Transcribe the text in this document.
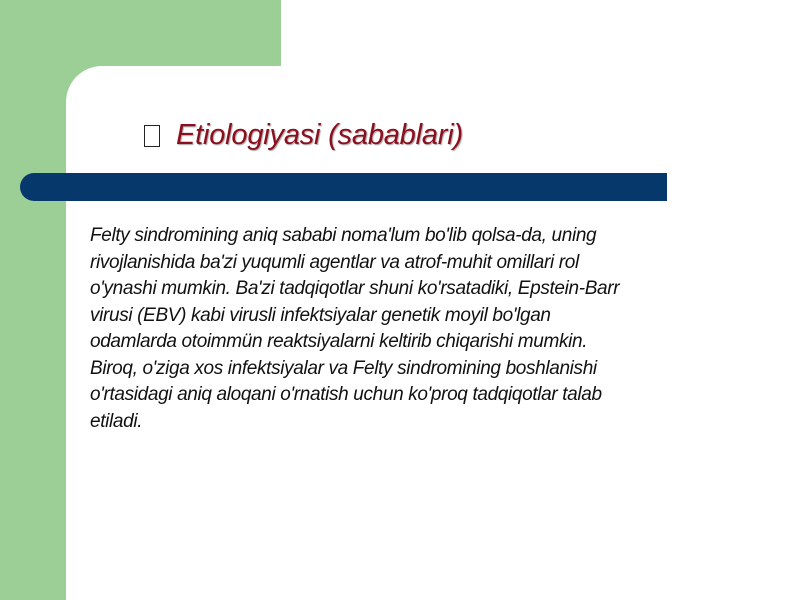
Etiologiyasi (sabablari)

Felty sindromining aniq sababi noma'lum bo'lib qolsa-da, uning rivojlanishida ba'zi yuqumli agentlar va atrof-muhit omillari rol o'ynashi mumkin. Ba'zi tadqiqotlar shuni ko'rsatadiki, Epstein-Barr virusi (EBV) kabi virusli infektsiyalar genetik moyil bo'lgan odamlarda otoimmün reaktsiyalarni keltirib chiqarishi mumkin. Biroq, o'ziga xos infektsiyalar va Felty sindromining boshlanishi o'rtasidagi aniq aloqani o'rnatish uchun ko'proq tadqiqotlar talab etiladi.
